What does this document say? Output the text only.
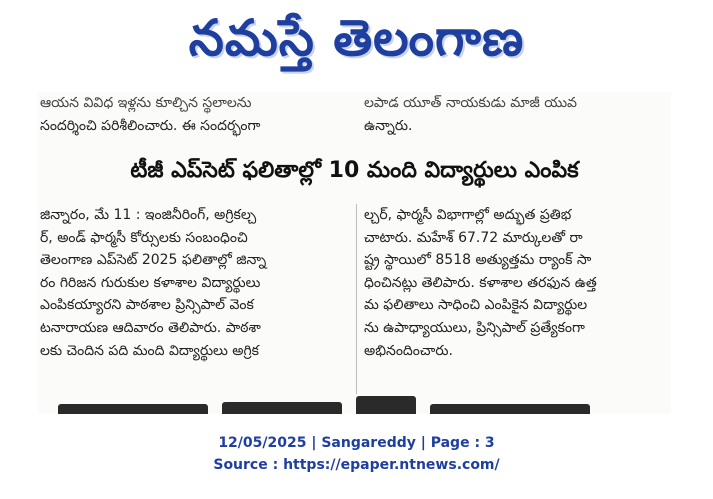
నమస్తే తెలంగాణ
ఆయన వివిధ ఇళ్లను కూల్చిన స్థలాలను
సందర్శించి పరిశీలించారు. ఈ సందర్భంగా
లపాడ యూత్ నాయకుడు మాజీ యువ
ఉన్నారు.
టీజీ ఎప్‌సెట్ ఫలితాల్లో 10 మంది విద్యార్థులు ఎంపిక
జిన్నారం, మే 11 : ఇంజినీరింగ్, అగ్రికల్చ
ర్, అండ్ ఫార్మసీ కోర్సులకు సంబంధించి
తెలంగాణ ఎప్‌సెట్ 2025 ఫలితాల్లో జిన్నా
రం గిరిజన గురుకుల కళాశాల విద్యార్థులు
ఎంపికయ్యారని పాఠశాల ప్రిన్సిపాల్ వెంక
టనారాయణ ఆదివారం తెలిపారు. పాఠశా
లకు చెందిన పది మంది విద్యార్థులు అగ్రిక
ల్చర్, ఫార్మసీ విభాగాల్లో అద్భుత ప్రతిభ
చాటారు. మహేశ్ 67.72 మార్కులతో రా
ష్ట్ర స్థాయిలో 8518 అత్యుత్తమ ర్యాంక్ సా
ధించినట్లు తెలిపారు. కళాశాల తరఫున ఉత్త
మ ఫలితాలు సాధించి ఎంపికైన విద్యార్థుల
ను ఉపాధ్యాయులు, ప్రిన్సిపాల్ ప్రత్యేకంగా
అభినందించారు.
12/05/2025 | Sangareddy | Page : 3
Source : https://epaper.ntnews.com/
